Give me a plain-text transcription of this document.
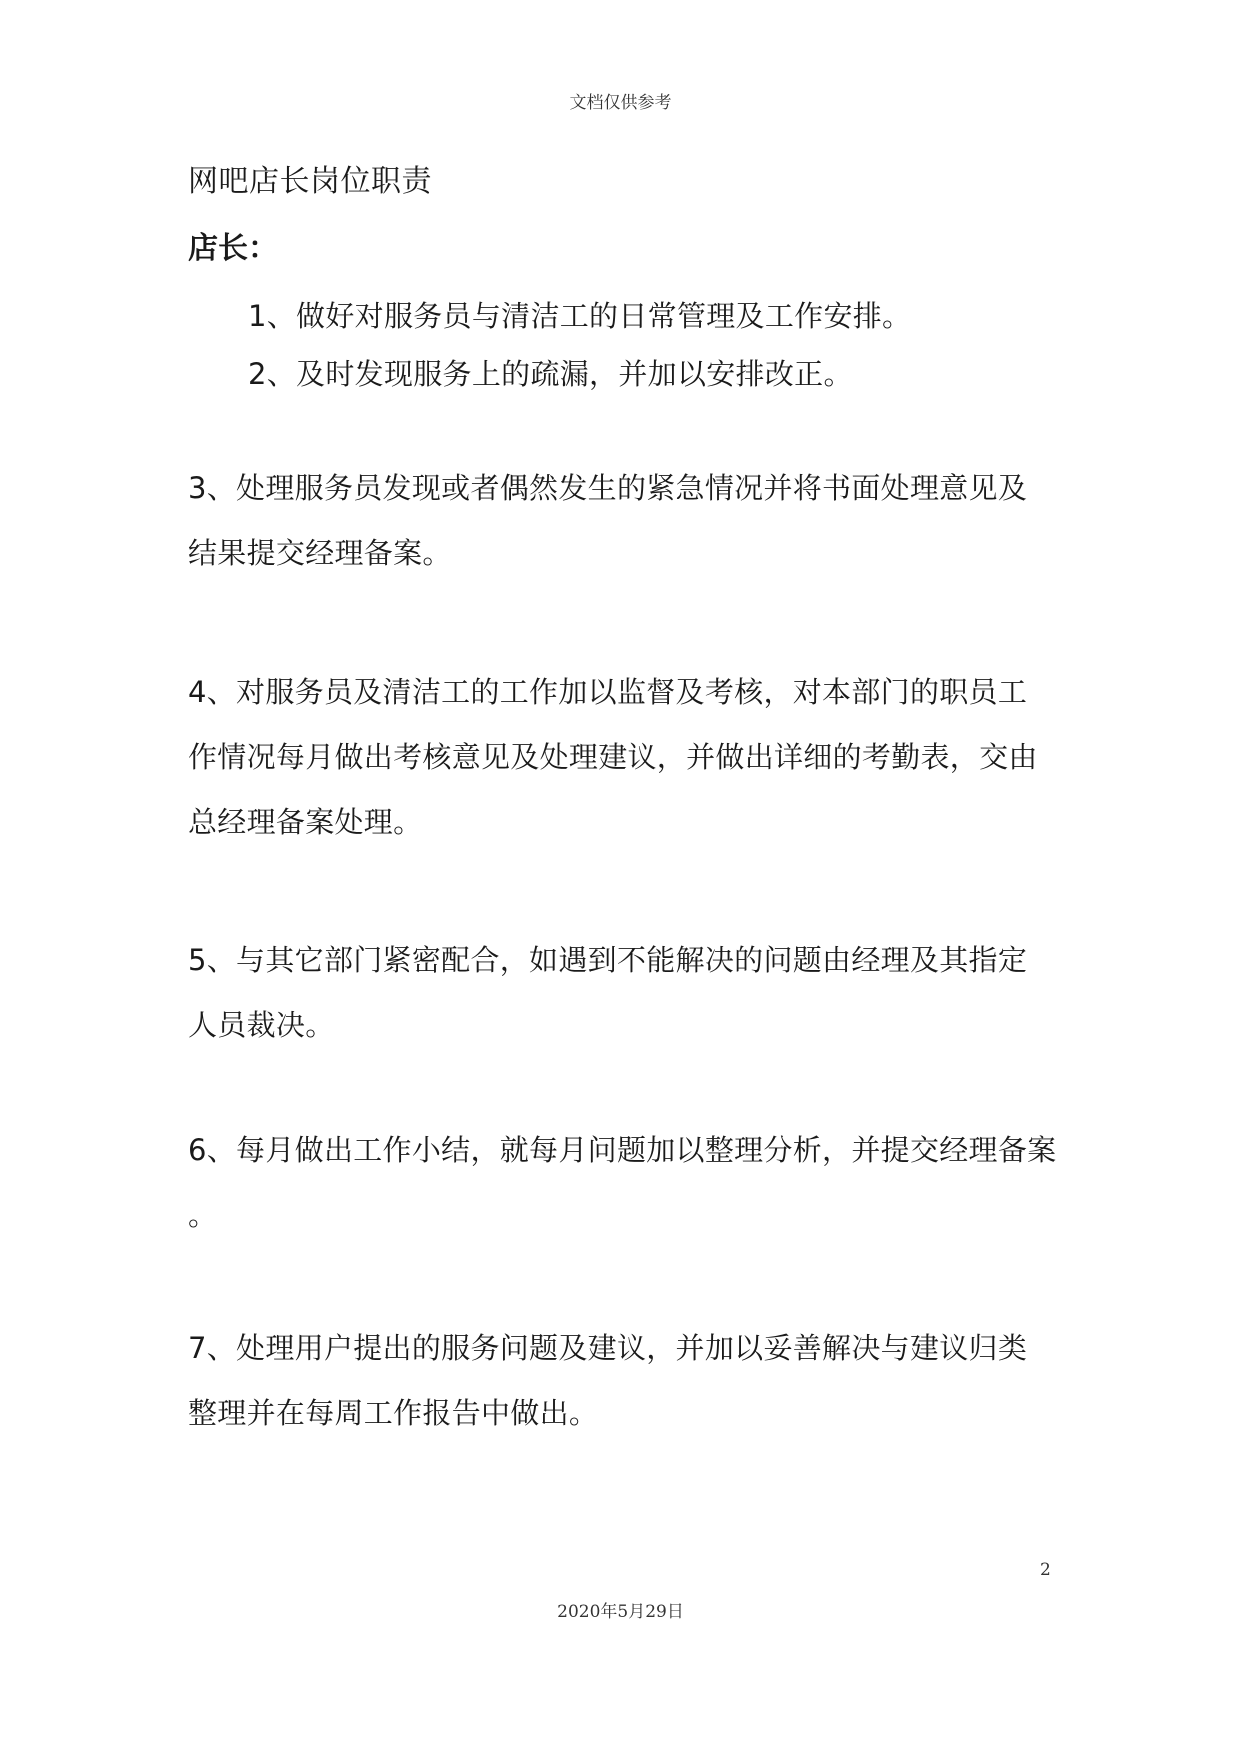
文档仅供参考
网吧店长岗位职责
店长：
1、做好对服务员与清洁工的日常管理及工作安排。
2、及时发现服务上的疏漏，并加以安排改正。
3、处理服务员发现或者偶然发生的紧急情况并将书面处理意见及
结果提交经理备案。
4、对服务员及清洁工的工作加以监督及考核，对本部门的职员工
作情况每月做出考核意见及处理建议，并做出详细的考勤表，交由
总经理备案处理。
5、与其它部门紧密配合，如遇到不能解决的问题由经理及其指定
人员裁决。
6、每月做出工作小结，就每月问题加以整理分析，并提交经理备案
。
7、处理用户提出的服务问题及建议，并加以妥善解决与建议归类
整理并在每周工作报告中做出。
2
2020年5月29日
